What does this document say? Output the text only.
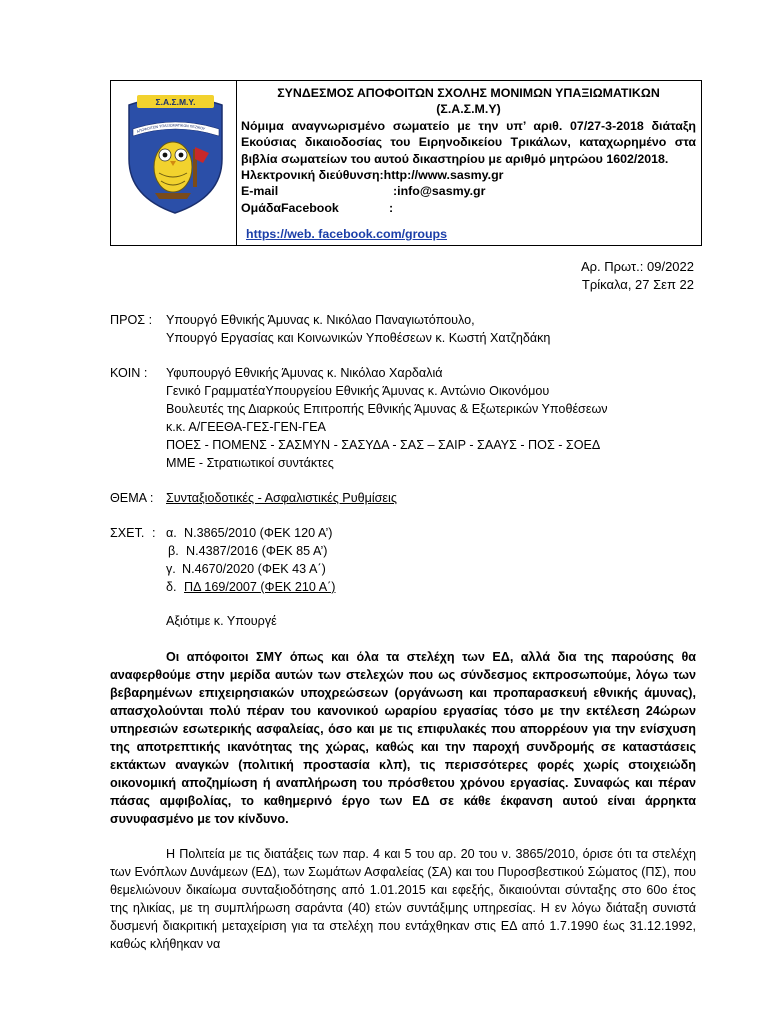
Σ.Α.Σ.Μ.Υ.
ΑΠΟΦΟΙΤΩΝ ΥΠΑΞΙΩΜΑΤΙΚΩΝ ΠΕΖΙΚΟΥ
ΣΥΝΔΕΣΜΟΣ ΑΠΟΦΟΙΤΩΝ ΣΧΟΛΗΣ ΜΟΝΙΜΩΝ ΥΠΑΞΙΩΜΑΤΙΚΩΝ
(Σ.Α.Σ.Μ.Υ)
Νόμιμα αναγνωρισμένο σωματείο με την υπ’ αριθ. 07/27-3-2018 διάταξη Εκούσιας δικαιοδοσίας του Ειρηνοδικείου Τρικάλων, καταχωρημένο στα βιβλία σωματείων του αυτού δικαστηρίου με αριθμό μητρώου 1602/2018.
Ηλεκτρονική διεύθυνση:http://www.sasmy.gr
E-mail	:info@sasmy.gr
ΟμάδαFacebook	:
https://web. facebook.com/groups
Αρ. Πρωτ.: 09/2022
Τρίκαλα, 27 Σεπ 22
ΠΡΟΣ : Υπουργό Εθνικής Άμυνας κ. Νικόλαο Παναγιωτόπουλο,
Υπουργό Εργασίας και Κοινωνικών Υποθέσεων κ. Κωστή Χατζηδάκη
ΚΟΙΝ : Υφυπουργό Εθνικής Άμυνας κ. Νικόλαο Χαρδαλιά
Γενικό ΓραμματέαΥπουργείου Εθνικής Άμυνας κ. Αντώνιο Οικονόμου
Βουλευτές της Διαρκούς Επιτροπής Εθνικής Άμυνας & Εξωτερικών Υποθέσεων
κ.κ. Α/ΓΕΕΘΑ-ΓΕΣ-ΓΕΝ-ΓΕΑ
ΠΟΕΣ - ΠΟΜΕΝΣ - ΣΑΣΜΥΝ - ΣΑΣΥΔΑ - ΣΑΣ – ΣΑΙΡ - ΣΑΑΥΣ - ΠΟΣ - ΣΟΕΔ
ΜΜΕ - Στρατιωτικοί συντάκτες
ΘΕΜΑ : Συνταξιοδοτικές - Ασφαλιστικές Ρυθμίσεις
ΣΧΕΤ. : α. Ν.3865/2010 (ΦΕΚ 120 Α’)
β. Ν.4387/2016 (ΦΕΚ 85 Α’)
γ. Ν.4670/2020 (ΦΕΚ 43 Α΄)
δ. ΠΔ 169/2007 (ΦΕΚ 210 Α΄)
Αξιότιμε κ. Υπουργέ
Οι απόφοιτοι ΣΜΥ όπως και όλα τα στελέχη των ΕΔ, αλλά δια της παρούσης θα αναφερθούμε στην μερίδα αυτών των στελεχών που ως σύνδεσμος εκπροσωπούμε, λόγω των βεβαρημένων επιχειρησιακών υποχρεώσεων (οργάνωση και προπαρασκευή εθνικής άμυνας), απασχολούνται πολύ πέραν του κανονικού ωραρίου εργασίας τόσο με την εκτέλεση 24ώρων υπηρεσιών εσωτερικής ασφαλείας, όσο και με τις επιφυλακές που απορρέουν για την ενίσχυση της αποτρεπτικής ικανότητας της χώρας, καθώς και την παροχή συνδρομής σε καταστάσεις εκτάκτων αναγκών (πολιτική προστασία κλπ), τις περισσότερες φορές χωρίς στοιχειώδη οικονομική αποζημίωση ή αναπλήρωση του πρόσθετου χρόνου εργασίας. Συναφώς και πέραν πάσας αμφιβολίας, το καθημερινό έργο των ΕΔ σε κάθε έκφανση αυτού είναι άρρηκτα συνυφασμένο με τον κίνδυνο.
Η Πολιτεία με τις διατάξεις των παρ. 4 και 5 του αρ. 20 του ν. 3865/2010, όρισε ότι τα στελέχη των Ενόπλων Δυνάμεων (ΕΔ), των Σωμάτων Ασφαλείας (ΣΑ) και του Πυροσβεστικού Σώματος (ΠΣ), που θεμελιώνουν δικαίωμα συνταξιοδότησης από 1.01.2015 και εφεξής, δικαιούνται σύνταξης στο 60ο έτος της ηλικίας, με τη συμπλήρωση σαράντα (40) ετών συντάξιμης υπηρεσίας. Η εν λόγω διάταξη συνιστά δυσμενή διακριτική μεταχείριση για τα στελέχη που εντάχθηκαν στις ΕΔ από 1.7.1990 έως 31.12.1992, καθώς κλήθηκαν να
